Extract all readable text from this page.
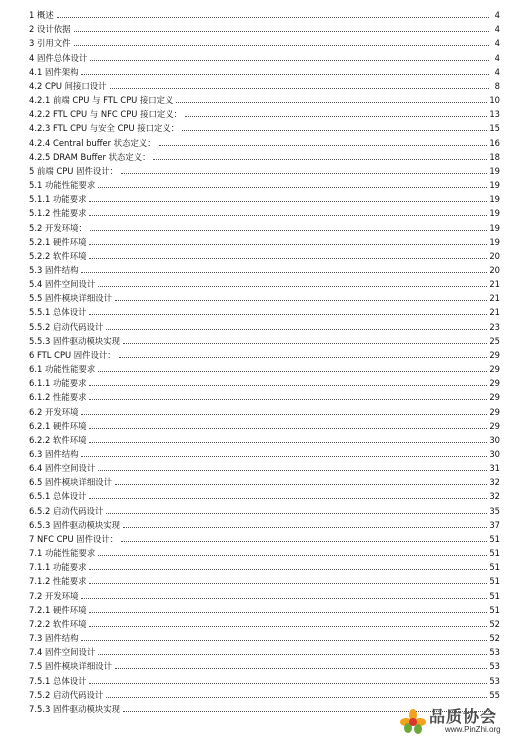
1 概述	4
2 设计依据	4
3 引用文件	4
4 固件总体设计	4
4.1 固件架构	4
4.2 CPU 间接口设计	8
4.2.1 前端 CPU 与 FTL CPU 接口定义	10
4.2.2 FTL CPU 与 NFC CPU 接口定义：	13
4.2.3 FTL CPU 与安全 CPU 接口定义：	15
4.2.4 Central buffer 状态定义：	16
4.2.5 DRAM Buffer 状态定义：	18
5 前端 CPU 固件设计：	19
5.1 功能性能要求	19
5.1.1 功能要求	19
5.1.2 性能要求	19
5.2 开发环境：	19
5.2.1 硬件环境	19
5.2.2 软件环境	20
5.3 固件结构	20
5.4 固件空间设计	21
5.5 固件模块详细设计	21
5.5.1 总体设计	21
5.5.2 启动代码设计	23
5.5.3 固件驱动模块实现	25
6 FTL CPU 固件设计：	29
6.1 功能性能要求	29
6.1.1 功能要求	29
6.1.2 性能要求	29
6.2 开发环境	29
6.2.1 硬件环境	29
6.2.2 软件环境	30
6.3 固件结构	30
6.4 固件空间设计	31
6.5 固件模块详细设计	32
6.5.1 总体设计	32
6.5.2 启动代码设计	35
6.5.3 固件驱动模块实现	37
7 NFC CPU 固件设计：	51
7.1 功能性能要求	51
7.1.1 功能要求	51
7.1.2 性能要求	51
7.2 开发环境	51
7.2.1 硬件环境	51
7.2.2 软件环境	52
7.3 固件结构	52
7.4 固件空间设计	53
7.5 固件模块详细设计	53
7.5.1 总体设计	53
7.5.2 启动代码设计	55
7.5.3 固件驱动模块实现	品质协会
www.PinZhi.org
